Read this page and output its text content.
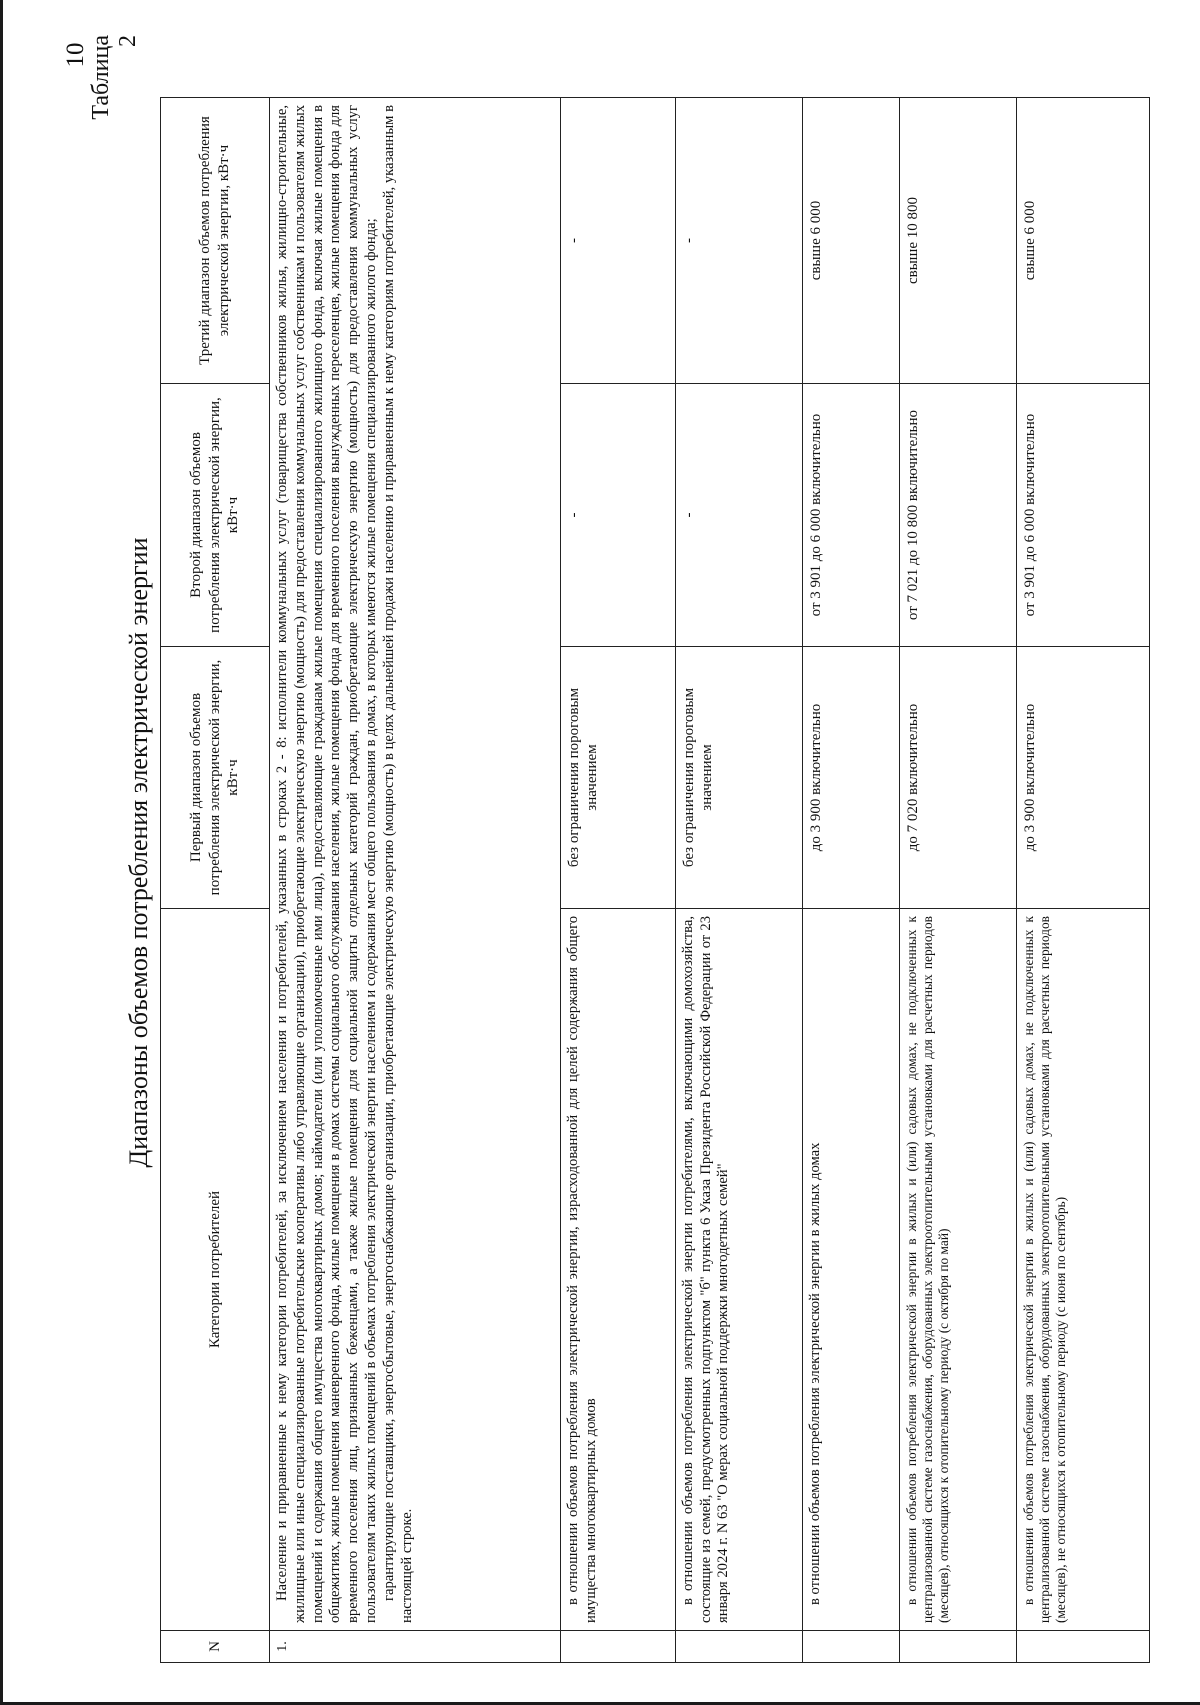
10 Таблица 2
Диапазоны объемов потребления электрической энергии
N	Категории потребителей	Первый диапазон объемов потребления электрической энергии, кВт·ч	Второй диапазон объемов потребления электрической энергии, кВт·ч	Третий диапазон объемов потребления электрической энергии, кВт·ч
1.	Население и приравненные к нему категории потребителей, за исключением населения и потребителей, указанных в строках 2 - 8: исполнители коммунальных услуг (товарищества собственников жилья, жилищно-строительные, жилищные или иные специализированные потребительские кооперативы либо управляющие организации), приобретающие электрическую энергию (мощность) для предоставления коммунальных услуг собственникам и пользователям жилых помещений и содержания общего имущества многоквартирных домов; наймодатели (или уполномоченные ими лица), предоставляющие гражданам жилые помещения специализированного жилищного фонда, включая жилые помещения в общежитиях, жилые помещения маневренного фонда, жилые помещения в домах системы социального обслуживания населения, жилые помещения фонда для временного поселения вынужденных переселенцев, жилые помещения фонда для временного поселения лиц, признанных беженцами, а также жилые помещения для социальной защиты отдельных категорий граждан, приобретающие электрическую энергию (мощность) для предоставления коммунальных услуг пользователям таких жилых помещений в объемах потребления электрической энергии населением и содержания мест общего пользования в домах, в которых имеются жилые помещения специализированного жилого фонда; гарантирующие поставщики, энергосбытовые, энергоснабжающие организации, приобретающие электрическую энергию (мощность) в целях дальнейшей продажи населению и приравненным к нему категориям потребителей, указанным в настоящей строке.			

	в отношении объемов потребления электрической энергии, израсходованной для целей содержания общего имущества многоквартирных домов	без ограничения пороговым значением	-	-
	в отношении объемов потребления электрической энергии потребителями, включающими домохозяйства, состоящие из семей, предусмотренных подпунктом "б" пункта 6 Указа Президента Российской Федерации от 23 января 2024 г. N 63 "О мерах социальной поддержки многодетных семей"	без ограничения пороговым значением	-	-
	в отношении объемов потребления электрической энергии в жилых домах	до 3 900 включительно	от 3 901 до 6 000 включительно	свыше 6 000
	в отношении объемов потребления электрической энергии в жилых и (или) садовых домах, не подключенных к централизованной системе газоснабжения, оборудованных электроотопительными установками для расчетных периодов (месяцев), относящихся к отопительному периоду (с октября по май)	до 7 020 включительно	от 7 021 до 10 800 включительно	свыше 10 800
	в отношении объемов потребления электрической энергии в жилых и (или) садовых домах, не подключенных к централизованной системе газоснабжения, оборудованных электроотопительными установками для расчетных периодов (месяцев), не относящихся к отопительному периоду (с июня по сентябрь)	до 3 900 включительно	от 3 901 до 6 000 включительно	свыше 6 000
